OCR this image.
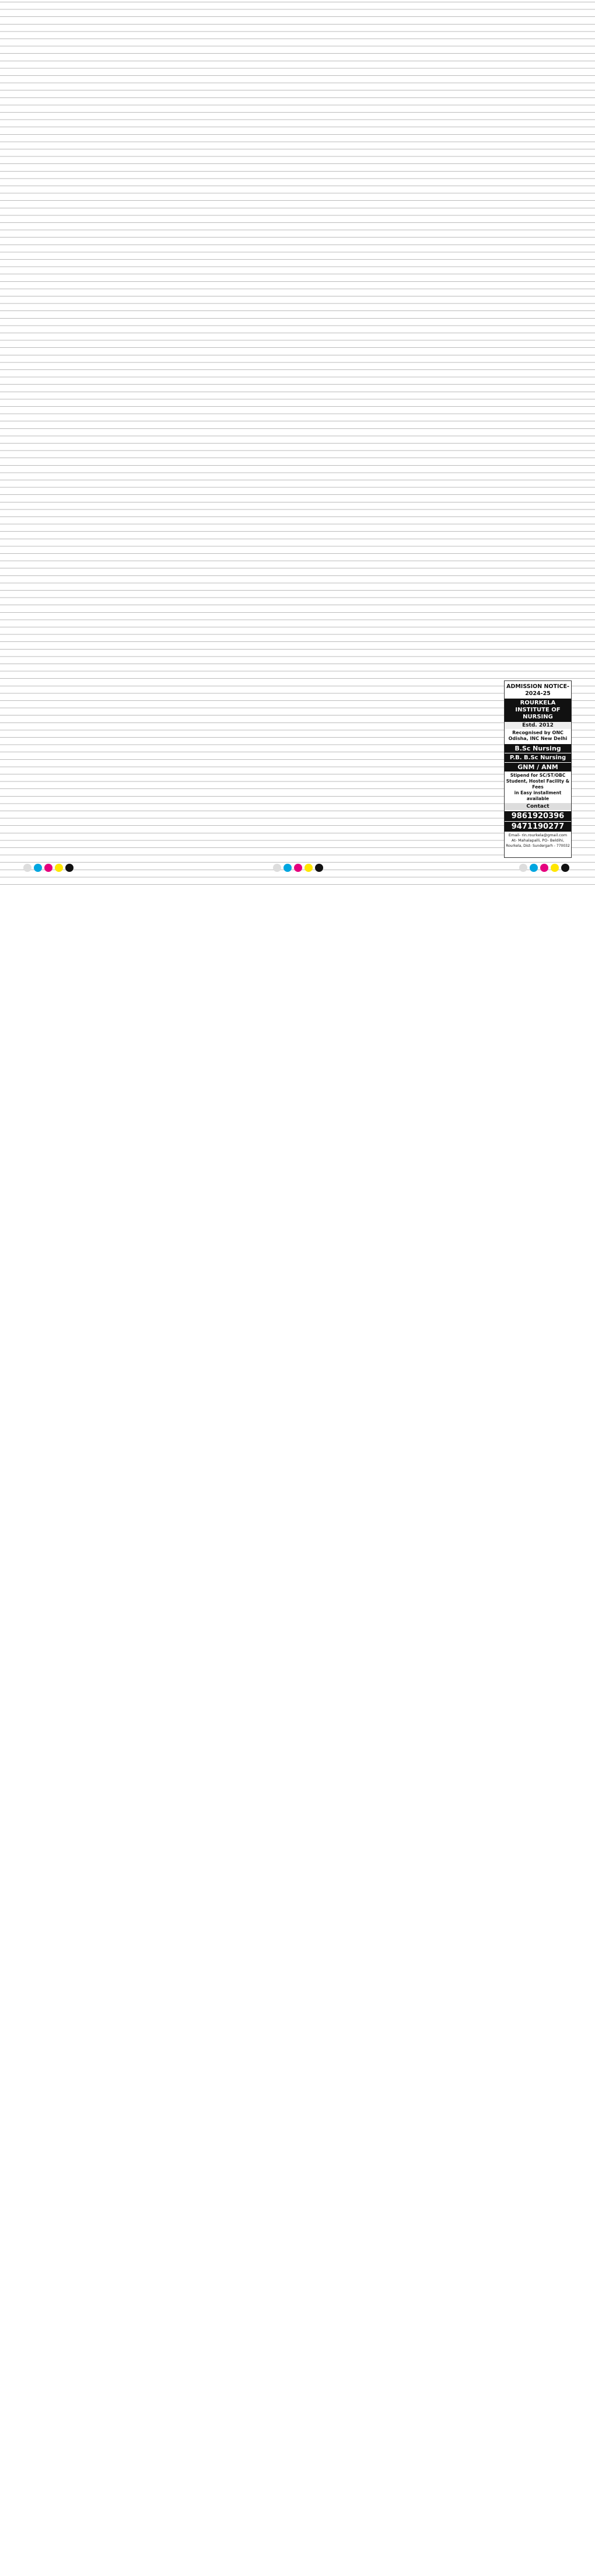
ADMISSION NOTICE- 2024-25
ROURKELA INSTITUTE OF NURSING
Estd. 2012
Recognised by ONC Odisha, INC New Delhi
B.Sc Nursing
P.B. B.Sc Nursing
GNM / ANM
Stipend for SC/ST/OBC
Student, Hostel Facility & Fees
in Easy installment available
Contact
9861920396
9471190277
Email- rin.rourkela@gmail.com
At- Mahalapalli, PO- Beldihi,
Rourkela, Dist- Sundergarh - 770032
